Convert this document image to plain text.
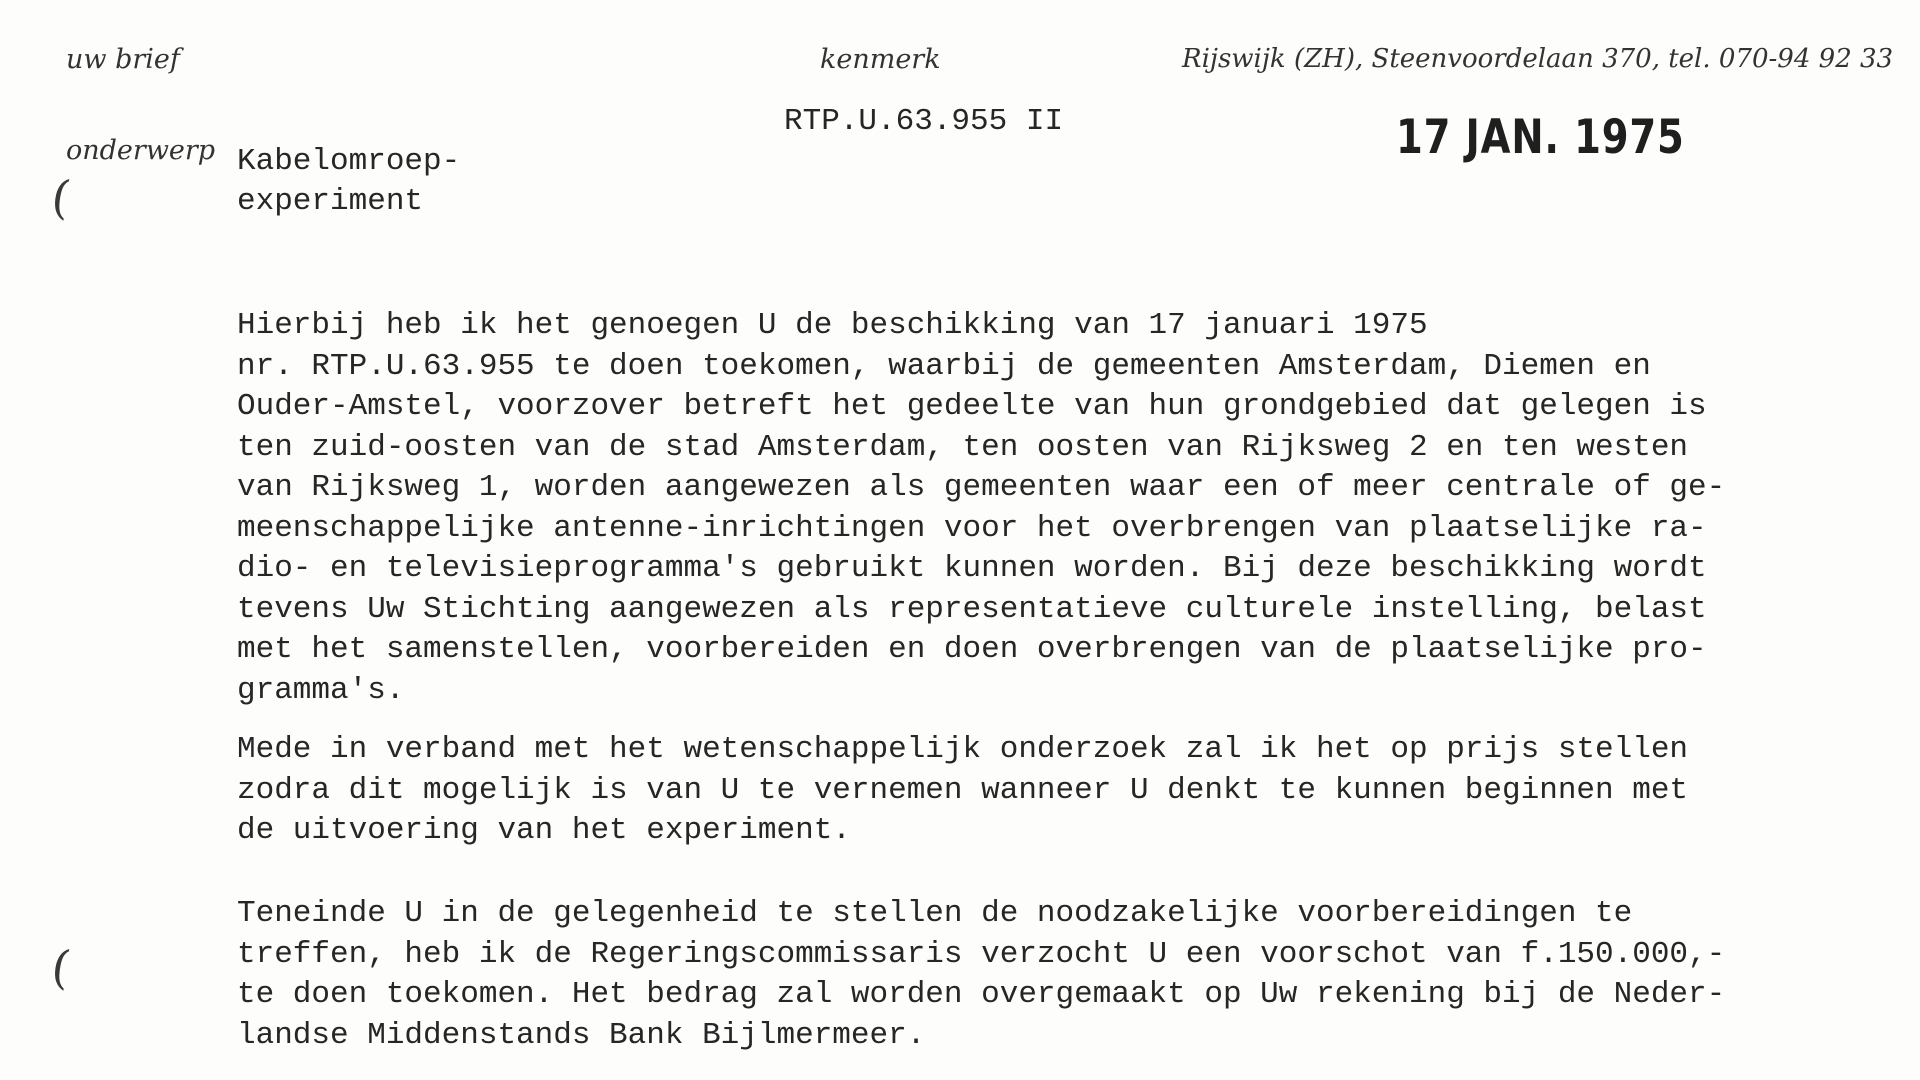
uw brief	kenmerk	Rijswijk (ZH), Steenvoordelaan 370, tel. 070-94 92 33
onderwerp
RTP.U.63.955 II	17 JAN. 1975
Kabelomroep-
experiment
(
(
Hierbij heb ik het genoegen U de beschikking van 17 januari 1975
nr. RTP.U.63.955 te doen toekomen, waarbij de gemeenten Amsterdam, Diemen en
Ouder-Amstel, voorzover betreft het gedeelte van hun grondgebied dat gelegen is
ten zuid-oosten van de stad Amsterdam, ten oosten van Rijksweg 2 en ten westen
van Rijksweg 1, worden aangewezen als gemeenten waar een of meer centrale of ge-
meenschappelijke antenne-inrichtingen voor het overbrengen van plaatselijke ra-
dio- en televisieprogramma's gebruikt kunnen worden. Bij deze beschikking wordt
tevens Uw Stichting aangewezen als representatieve culturele instelling, belast
met het samenstellen, voorbereiden en doen overbrengen van de plaatselijke pro-
gramma's.
Mede in verband met het wetenschappelijk onderzoek zal ik het op prijs stellen
zodra dit mogelijk is van U te vernemen wanneer U denkt te kunnen beginnen met
de uitvoering van het experiment.
Teneinde U in de gelegenheid te stellen de noodzakelijke voorbereidingen te
treffen, heb ik de Regeringscommissaris verzocht U een voorschot van f.150.000,-
te doen toekomen. Het bedrag zal worden overgemaakt op Uw rekening bij de Neder-
landse Middenstands Bank Bijlmermeer.
